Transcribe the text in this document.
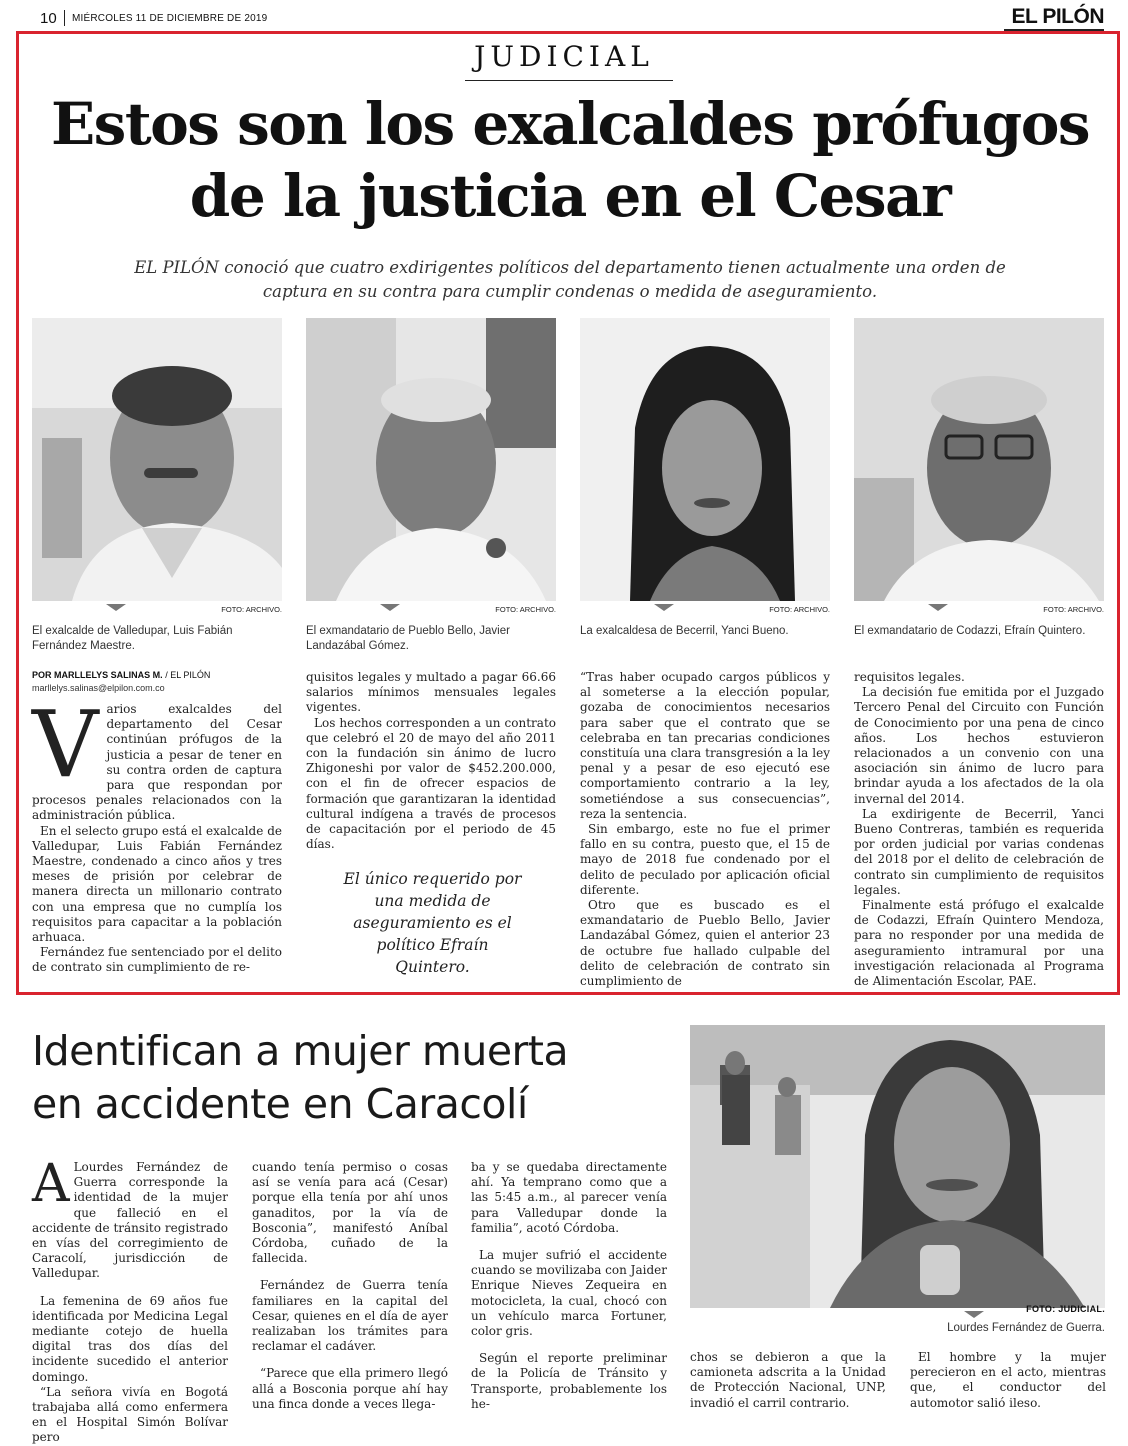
10 MIÉRCOLES 11 DE DICIEMBRE DE 2019	EL PILÓN
JUDICIAL
Estos son los exalcaldes prófugos
de la justicia en el Cesar
EL PILÓN conoció que cuatro exdirigentes políticos del departamento tienen actualmente una orden de
captura en su contra para cumplir condenas o medida de aseguramiento.
FOTO: ARCHIVO.
El exalcalde de Valledupar, Luis Fabián Fernández Maestre.
FOTO: ARCHIVO.
El exmandatario de Pueblo Bello, Javier Landazábal Gómez.
FOTO: ARCHIVO.
La exalcaldesa de Becerril, Yanci Bueno.
FOTO: ARCHIVO.
El exmandatario de Codazzi, Efraín Quintero.
POR MARLLELYS SALINAS M. / EL PILÓN
marllelys.salinas@elpilon.com.co
V arios exalcaldes del departamento del Cesar continúan prófugos de la justicia a pesar de tener en su contra orden de captura para que respondan por procesos penales relacionados con la administración pública.

En el selecto grupo está el exalcalde de Valledupar, Luis Fabián Fernández Maestre, condenado a cinco años y tres meses de prisión por celebrar de manera directa un millonario contrato con una empresa que no cumplía los requisitos para capacitar a la población arhuaca.

Fernández fue sentenciado por el delito de contrato sin cumplimiento de re-

quisitos legales y multado a pagar 66.66 salarios mínimos mensuales legales vigentes.

Los hechos corresponden a un contrato que celebró el 20 de mayo del año 2011 con la fundación sin ánimo de lucro Zhigoneshi por valor de $452.200.000, con el fin de ofrecer espacios de formación que garantizaran la identidad cultural indígena a través de procesos de capacitación por el periodo de 45 días.

El único requerido por una medida de aseguramiento es el político Efraín Quintero.

“Tras haber ocupado cargos públicos y al someterse a la elección popular, gozaba de conocimientos necesarios para saber que el contrato que se celebraba en tan precarias condiciones constituía una clara transgresión a la ley penal y a pesar de eso ejecutó ese comportamiento contrario a la ley, sometiéndose a sus consecuencias”, reza la sentencia.

Sin embargo, este no fue el primer fallo en su contra, puesto que, el 15 de mayo de 2018 fue condenado por el delito de peculado por aplicación oficial diferente.

Otro que es buscado es el exmandatario de Pueblo Bello, Javier Landazábal Gómez, quien el anterior 23 de octubre fue hallado culpable del delito de celebración de contrato sin cumplimiento de

requisitos legales.

La decisión fue emitida por el Juzgado Tercero Penal del Circuito con Función de Conocimiento por una pena de cinco años. Los hechos estuvieron relacionados a un convenio con una asociación sin ánimo de lucro para brindar ayuda a los afectados de la ola invernal del 2014.

La exdirigente de Becerril, Yanci Bueno Contreras, también es requerida por orden judicial por varias condenas del 2018 por el delito de celebración de contrato sin cumplimiento de requisitos legales.

Finalmente está prófugo el exalcalde de Codazzi, Efraín Quintero Mendoza, para no responder por una medida de aseguramiento intramural por una investigación relacionada al Programa de Alimentación Escolar, PAE.

Identifican a mujer muerta
en accidente en Caracolí
FOTO: JUDICIAL.
Lourdes Fernández de Guerra.
A Lourdes Fernández de Guerra corresponde la identidad de la mujer que falleció en el accidente de tránsito registrado en vías del corregimiento de Caracolí, jurisdicción de Valledupar.

La femenina de 69 años fue identificada por Medicina Legal mediante cotejo de huella digital tras dos días del incidente sucedido el anterior domingo.

“La señora vivía en Bogotá trabajaba allá como enfermera en el Hospital Simón Bolívar pero

cuando tenía permiso o cosas así se venía para acá (Cesar) porque ella tenía por ahí unos ganaditos, por la vía de Bosconia”, manifestó Aníbal Córdoba, cuñado de la fallecida.

Fernández de Guerra tenía familiares en la capital del Cesar, quienes en el día de ayer realizaban los trámites para reclamar el cadáver.

“Parece que ella primero llegó allá a Bosconia porque ahí hay una finca donde a veces llega-

ba y se quedaba directamente ahí. Ya temprano como que a las 5:45 a.m., al parecer venía para Valledupar donde la familia”, acotó Córdoba.

La mujer sufrió el accidente cuando se movilizaba con Jaider Enrique Nieves Zequeira en motocicleta, la cual, chocó con un vehículo marca Fortuner, color gris.

Según el reporte preliminar de la Policía de Tránsito y Transporte, probablemente los he-

chos se debieron a que la camioneta adscrita a la Unidad de Protección Nacional, UNP, invadió el carril contrario.

El hombre y la mujer perecieron en el acto, mientras que, el conductor del automotor salió ileso.
